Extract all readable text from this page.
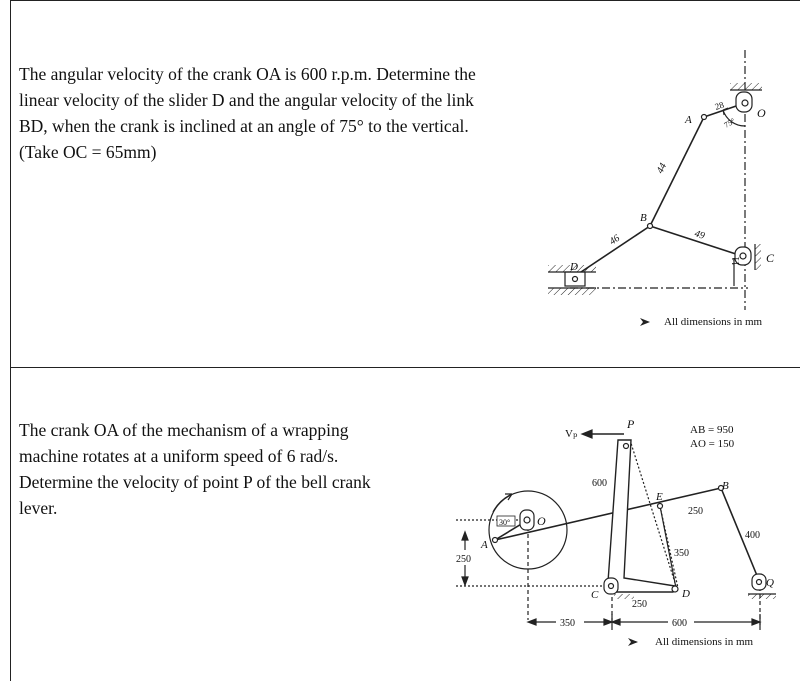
The angular velocity of the crank OA is 600 r.p.m. Determine the
linear velocity of the slider D and the angular velocity of the link
BD, when the crank is inclined at an angle of 75° to the vertical.
(Take OC = 65mm)
The crank OA of the mechanism of a wrapping
machine rotates at a uniform speed of 6 rad/s.
Determine the velocity of point P of the bell crank
lever.
O
A
B
C
D
28
44
46	49
11
75°
All dimensions in mm
Vₚ
P
O
A
B
C	D
E
Q
AB = 950
AO = 150
250
600
250
350
400
250
350	600
30°
All dimensions in mm
